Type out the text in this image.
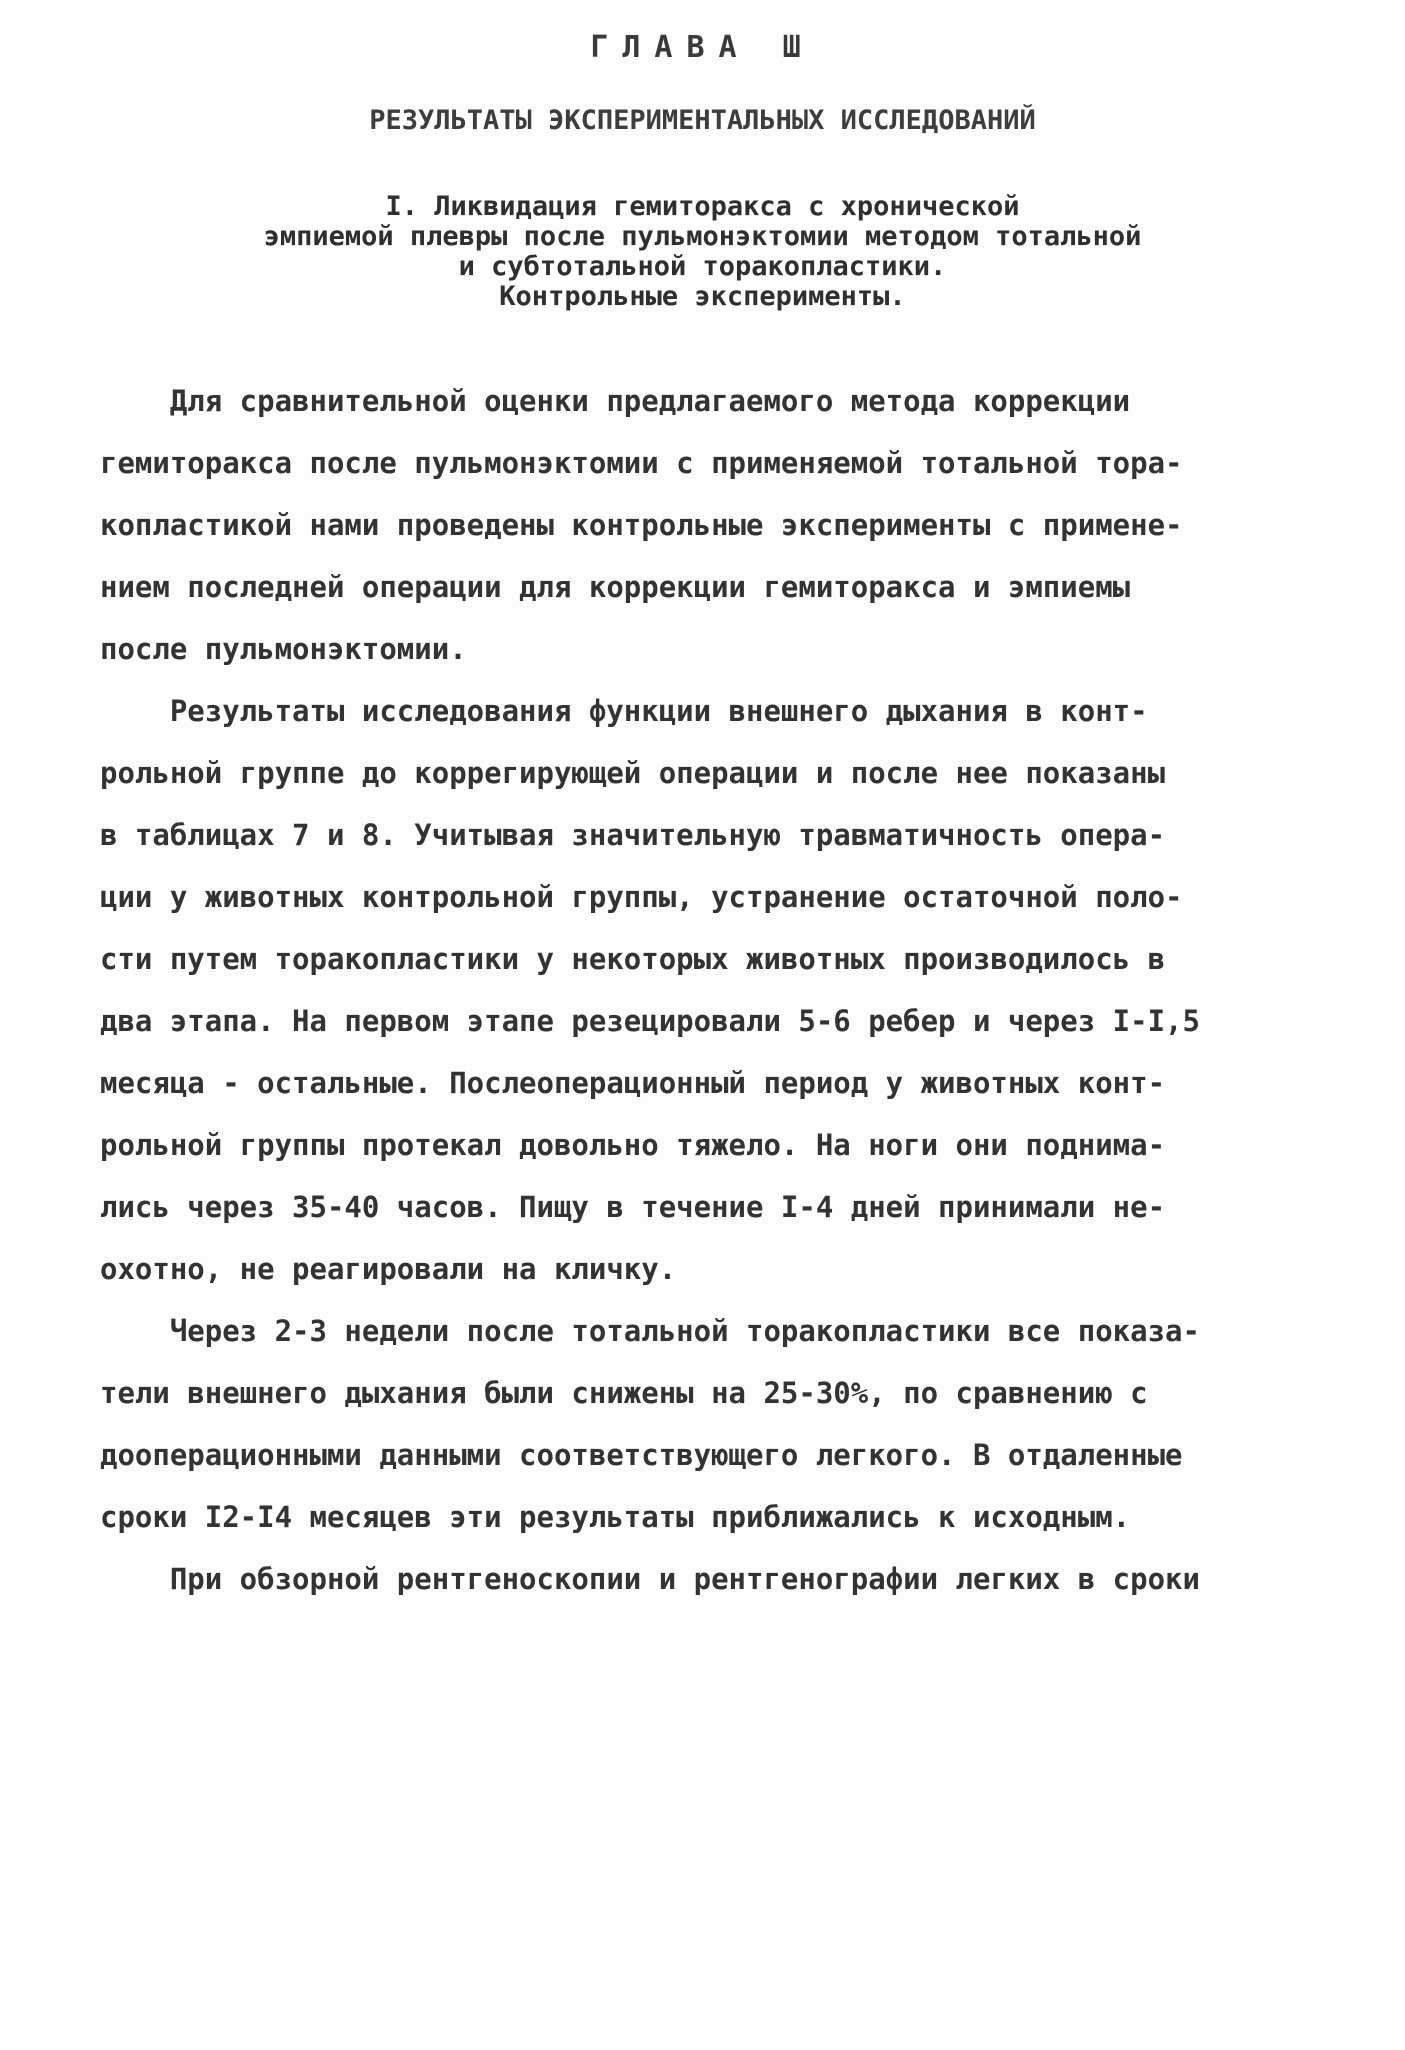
ГЛАВА Ш
РЕЗУЛЬТАТЫ ЭКСПЕРИМЕНТАЛЬНЫХ ИССЛЕДОВАНИЙ
I. Ликвидация гемиторакса с хронической
эмпиемой плевры после пульмонэктомии методом тотальной
и субтотальной торакопластики.
Контрольные эксперименты.
Для сравнительной оценки предлагаемого метода коррекции
гемиторакса после пульмонэктомии с применяемой тотальной тора-
копластикой нами проведены контрольные эксперименты с примене-
нием последней операции для коррекции гемиторакса и эмпиемы
после пульмонэктомии.
Результаты исследования функции внешнего дыхания в конт-
рольной группе до коррегирующей операции и после нее показаны
в таблицах 7 и 8. Учитывая значительную травматичность опера-
ции у животных контрольной группы, устранение остаточной поло-
сти путем торакопластики у некоторых животных производилось в
два этапа. На первом этапе резецировали 5-6 ребер и через I-I,5
месяца - остальные. Послеоперационный период у животных конт-
рольной группы протекал довольно тяжело. На ноги они поднима-
лись через 35-40 часов. Пищу в течение I-4 дней принимали не-
охотно, не реагировали на кличку.
Через 2-3 недели после тотальной торакопластики все показа-
тели внешнего дыхания были снижены на 25-30%, по сравнению с
дооперационными данными соответствующего легкого. В отдаленные
сроки I2-I4 месяцев эти результаты приближались к исходным.
При обзорной рентгеноскопии и рентгенографии легких в сроки
